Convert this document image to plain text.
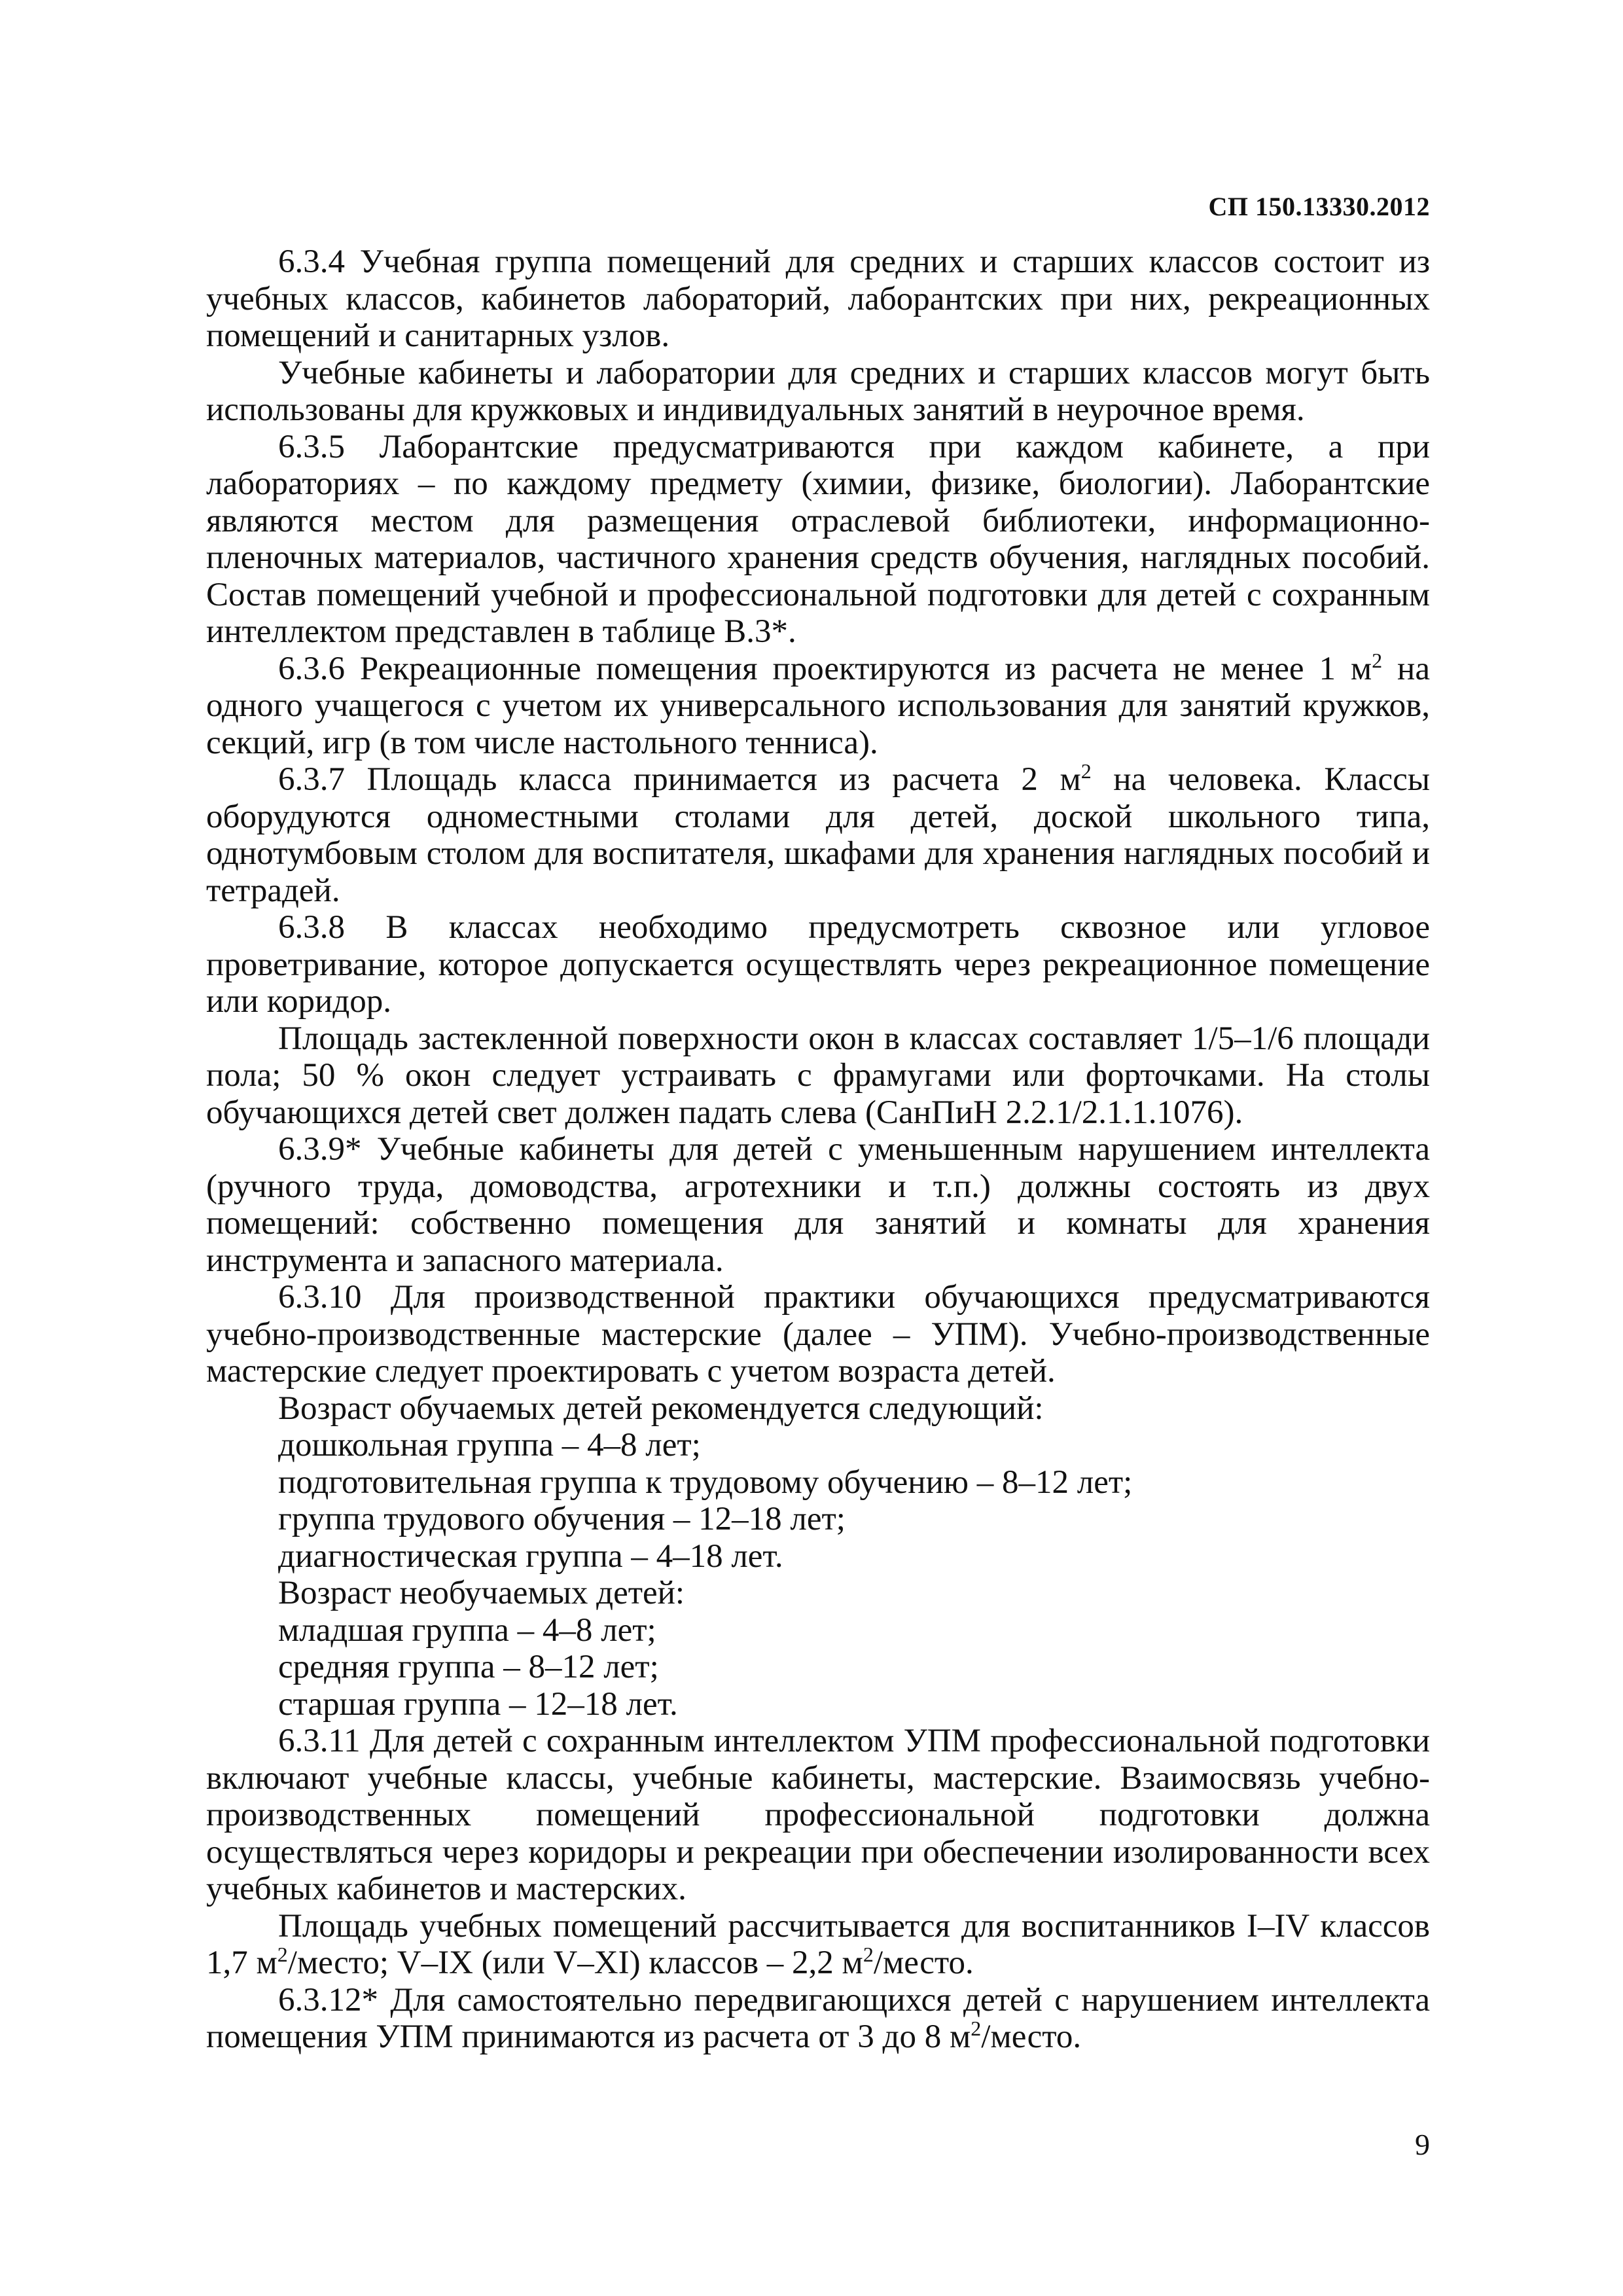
СП 150.13330.2012

6.3.4 Учебная группа помещений для средних и старших классов состоит из учебных классов, кабинетов лабораторий, лаборантских при них, рекреационных помещений и санитарных узлов.

Учебные кабинеты и лаборатории для средних и старших классов могут быть использованы для кружковых и индивидуальных занятий в неурочное время.

6.3.5 Лаборантские предусматриваются при каждом кабинете, а при лабораториях – по каждому предмету (химии, физике, биологии). Лаборантские являются местом для размещения отраслевой библиотеки, информационно-пленочных материалов, частичного хранения средств обучения, наглядных пособий. Состав помещений учебной и профессиональной подготовки для детей с сохранным интеллектом представлен в таблице В.3*.

6.3.6 Рекреационные помещения проектируются из расчета не менее 1 $м^2$ на одного учащегося с учетом их универсального использования для занятий кружков, секций, игр (в том числе настольного тенниса).

6.3.7 Площадь класса принимается из расчета 2 $м^2$ на человека. Классы оборудуются одноместными столами для детей, доской школьного типа, однотумбовым столом для воспитателя, шкафами для хранения наглядных пособий и тетрадей.

6.3.8 В классах необходимо предусмотреть сквозное или угловое проветривание, которое допускается осуществлять через рекреационное помещение или коридор.

Площадь застекленной поверхности окон в классах составляет 1/5–1/6 площади пола; 50 % окон следует устраивать с фрамугами или форточками. На столы обучающихся детей свет должен падать слева (СанПиН 2.2.1/2.1.1.1076).

6.3.9* Учебные кабинеты для детей с уменьшенным нарушением интеллекта (ручного труда, домоводства, агротехники и т.п.) должны состоять из двух помещений: собственно помещения для занятий и комнаты для хранения инструмента и запасного материала.

6.3.10 Для производственной практики обучающихся предусматриваются учебно-производственные мастерские (далее – УПМ). Учебно-производственные мастерские следует проектировать с учетом возраста детей.

Возраст обучаемых детей рекомендуется следующий:

дошкольная группа – 4–8 лет;

подготовительная группа к трудовому обучению – 8–12 лет;

группа трудового обучения – 12–18 лет;

диагностическая группа – 4–18 лет.

Возраст необучаемых детей:

младшая группа – 4–8 лет;

средняя группа – 8–12 лет;

старшая группа – 12–18 лет.

6.3.11 Для детей с сохранным интеллектом УПМ профессиональной подготовки включают учебные классы, учебные кабинеты, мастерские. Взаимосвязь учебно-производственных помещений профессиональной подготовки должна осуществляться через коридоры и рекреации при обеспечении изолированности всех учебных кабинетов и мастерских.

Площадь учебных помещений рассчитывается для воспитанников I–IV классов 1,7 $м^2$/место; V–IX (или V–XI) классов – 2,2 $м^2$/место.

6.3.12* Для самостоятельно передвигающихся детей с нарушением интеллекта помещения УПМ принимаются из расчета от 3 до 8 $м^2$/место.

9
